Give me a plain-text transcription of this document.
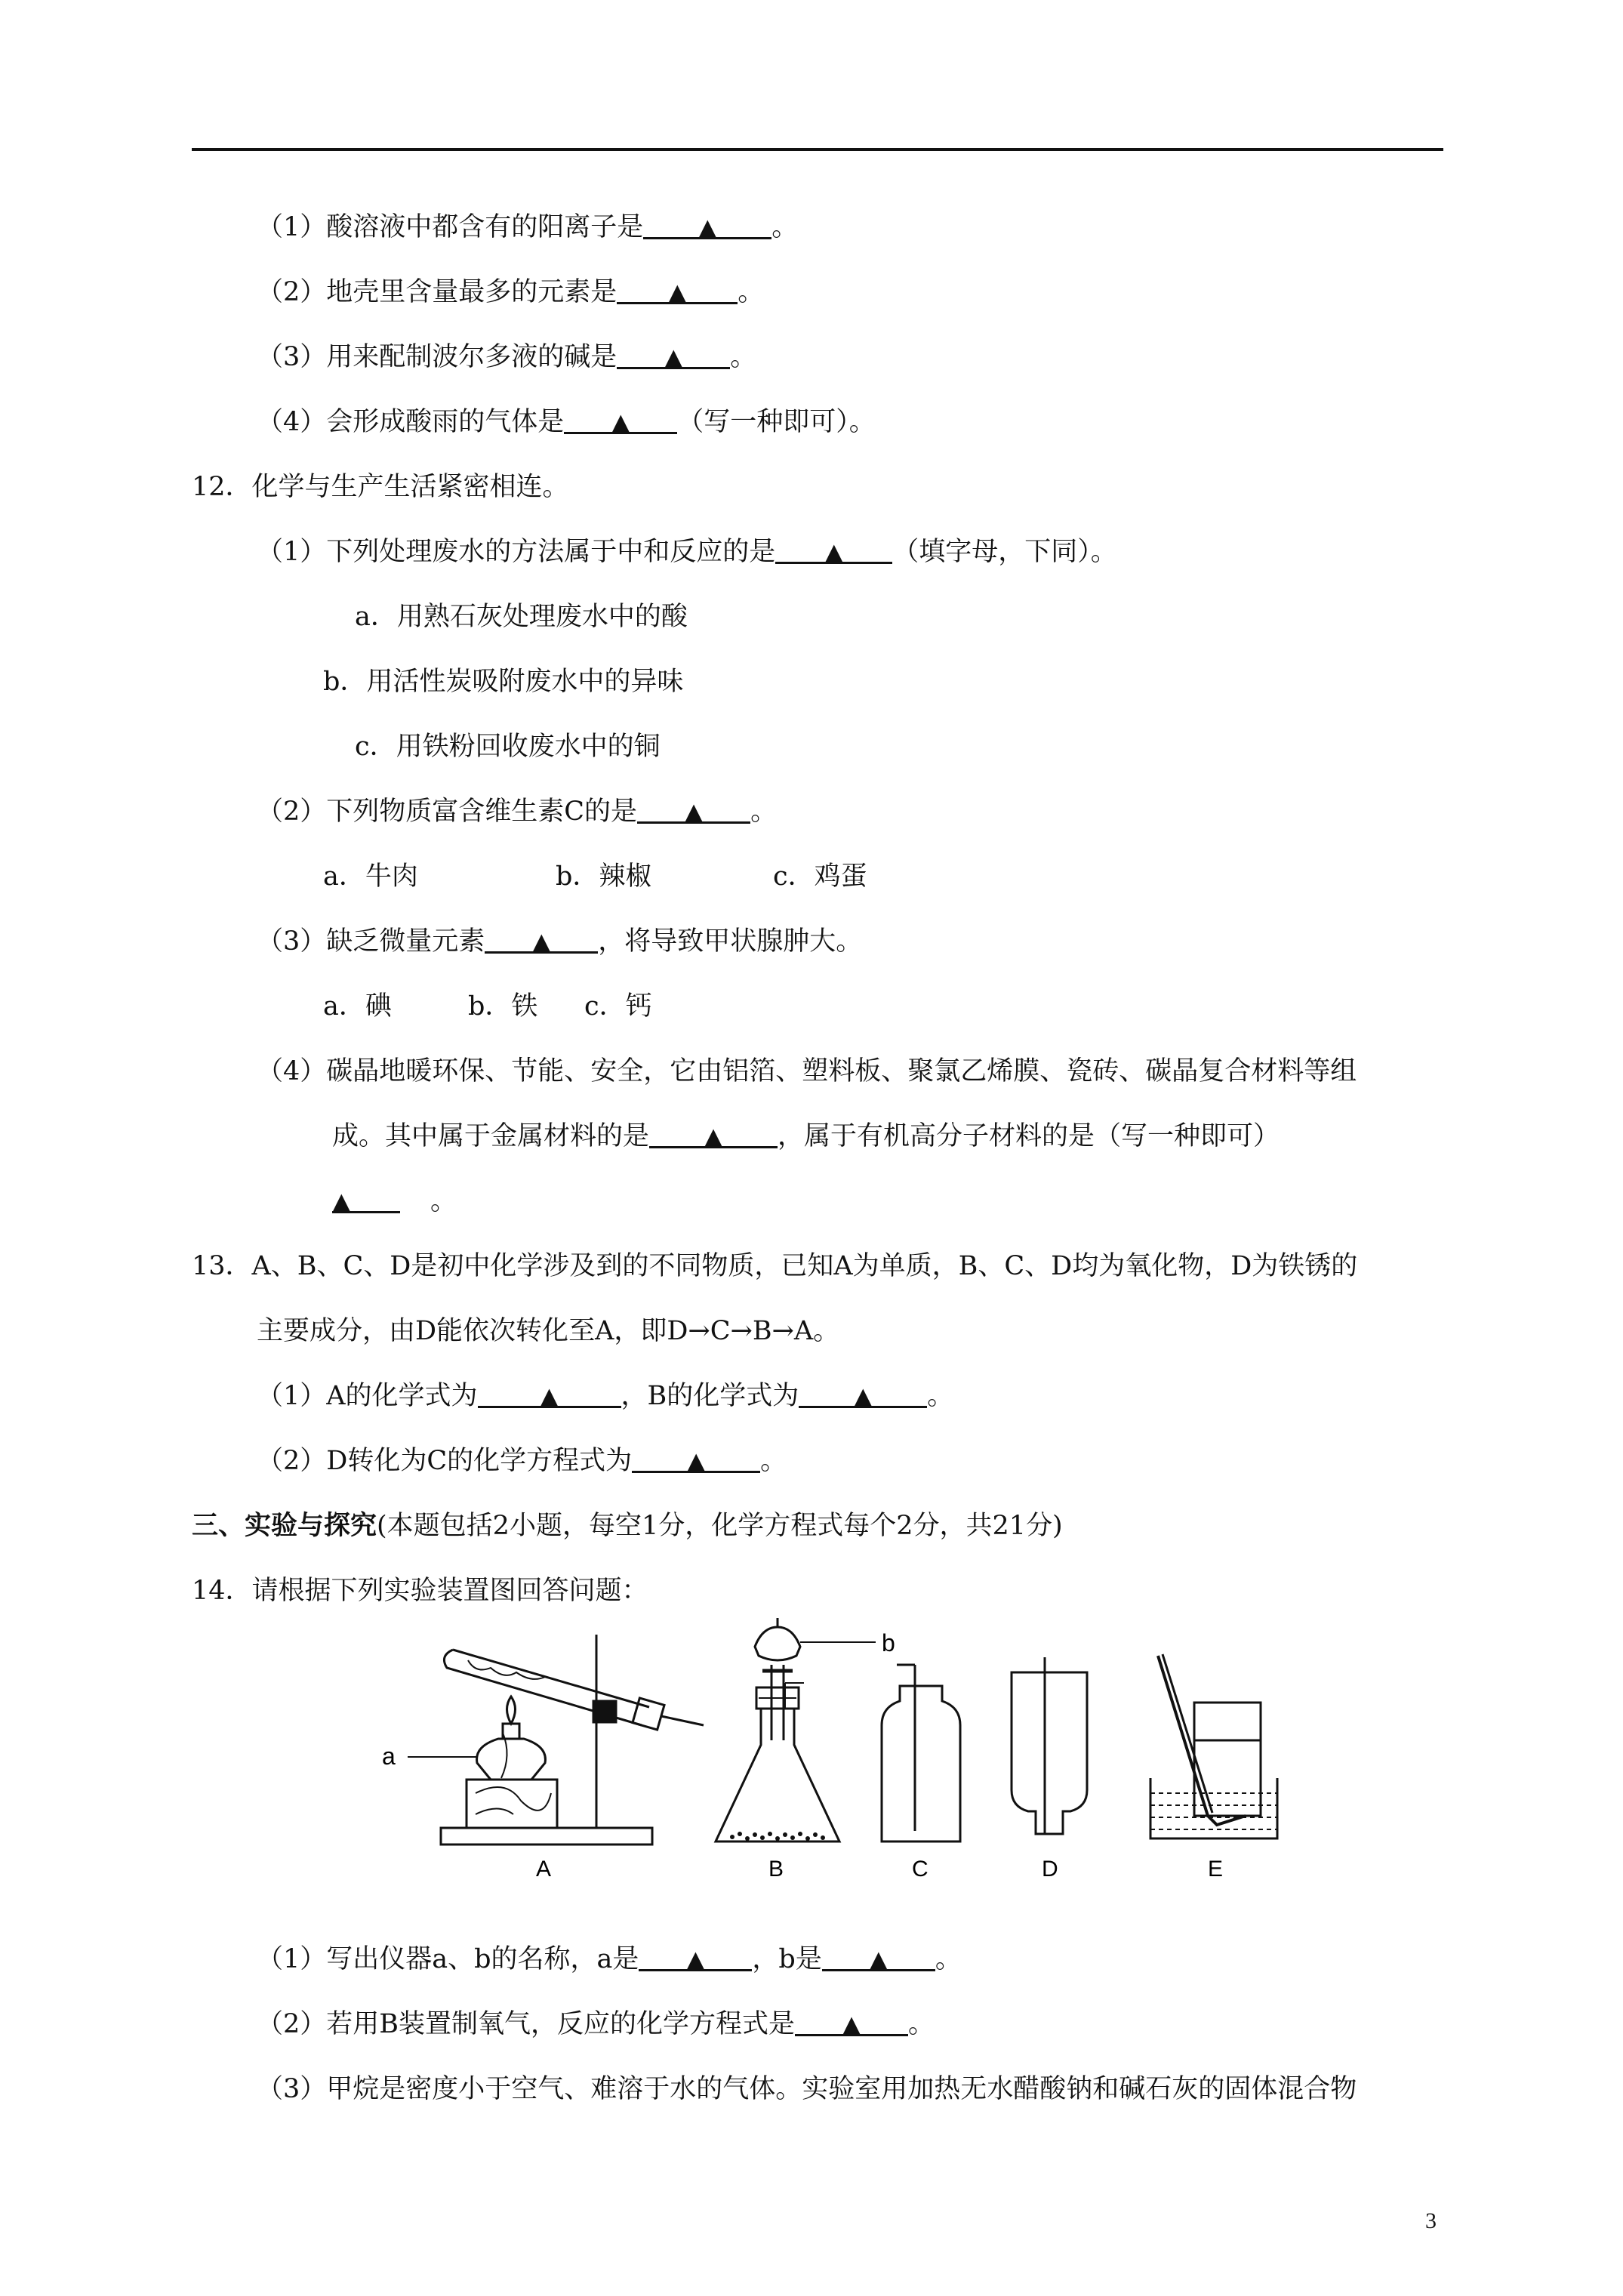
（1）酸溶液中都含有的阳离子是 ▲ 。
（2）地壳里含量最多的元素是 ▲ 。
（3）用来配制波尔多液的碱是 ▲ 。
（4）会形成酸雨的气体是 ▲ （写一种即可）。
12．化学与生产生活紧密相连。
（1）下列处理废水的方法属于中和反应的是 ▲ （填字母，下同）。
a．用熟石灰处理废水中的酸
b．用活性炭吸附废水中的异味
c．用铁粉回收废水中的铜
（2）下列物质富含维生素C的是 ▲ 。
a．牛肉	b．辣椒	c．鸡蛋
（3）缺乏微量元素 ▲ ，将导致甲状腺肿大。
a．碘	b．铁 c．钙
（4）碳晶地暖环保、节能、安全，它由铝箔、塑料板、聚氯乙烯膜、瓷砖、碳晶复合材料等组
成。其中属于金属材料的是 ▲ ，属于有机高分子材料的是（写一种即可）
▲	。
13．A、B、C、D是初中化学涉及到的不同物质，已知A为单质，B、C、D均为氧化物，D为铁锈的
主要成分，由D能依次转化至A，即D→C→B→A。
（1）A的化学式为	▲ ，B的化学式为 ▲ 。
（2）D转化为C的化学方程式为 ▲ 。
三、实验与探究(本题包括2小题，每空1分，化学方程式每个2分，共21分)
14．请根据下列实验装置图回答问题：
a
b
A	B	C	D	E
（1）写出仪器a、b的名称，a是 ▲ ，b是 ▲ 。
（2）若用B装置制氧气，反应的化学方程式是 ▲ 。
（3）甲烷是密度小于空气、难溶于水的气体。实验室用加热无水醋酸钠和碱石灰的固体混合物
3
